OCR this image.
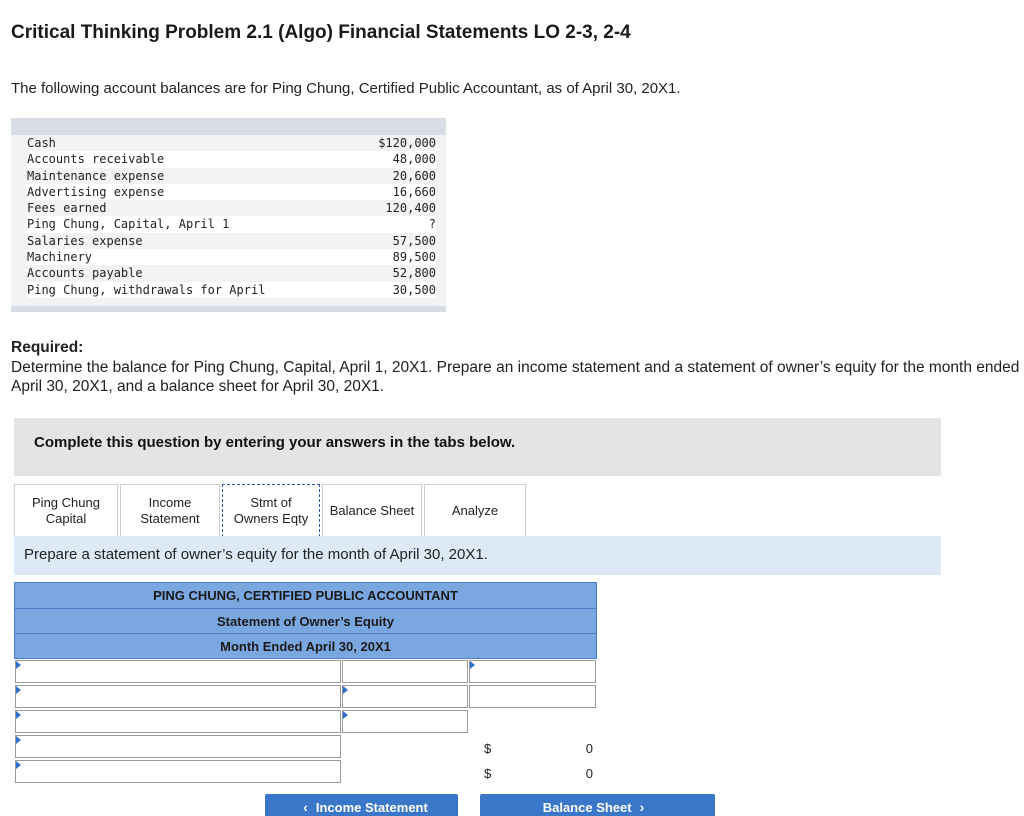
Critical Thinking Problem 2.1 (Algo) Financial Statements LO 2-3, 2-4
The following account balances are for Ping Chung, Certified Public Accountant, as of April 30, 20X1.
Cash	$120,000
Accounts receivable	48,000
Maintenance expense	20,600
Advertising expense	16,660
Fees earned	120,400
Ping Chung, Capital, April 1	?
Salaries expense	57,500
Machinery	89,500
Accounts payable	52,800
Ping Chung, withdrawals for April	30,500
Required:
Determine the balance for Ping Chung, Capital, April 1, 20X1. Prepare an income statement and a statement of owner’s equity for the month ended April 30, 20X1, and a balance sheet for April 30, 20X1.
Complete this question by entering your answers in the tabs below.
Ping Chung
Capital
Income
Statement
Stmt of
Owners Eqty
Balance Sheet	Analyze
Prepare a statement of owner’s equity for the month of April 30, 20X1.
PING CHUNG, CERTIFIED PUBLIC ACCOUNTANT
Statement of Owner’s Equity
Month Ended April 30, 20X1
$	0
$	0
‹ Income Statement	Balance Sheet ›
